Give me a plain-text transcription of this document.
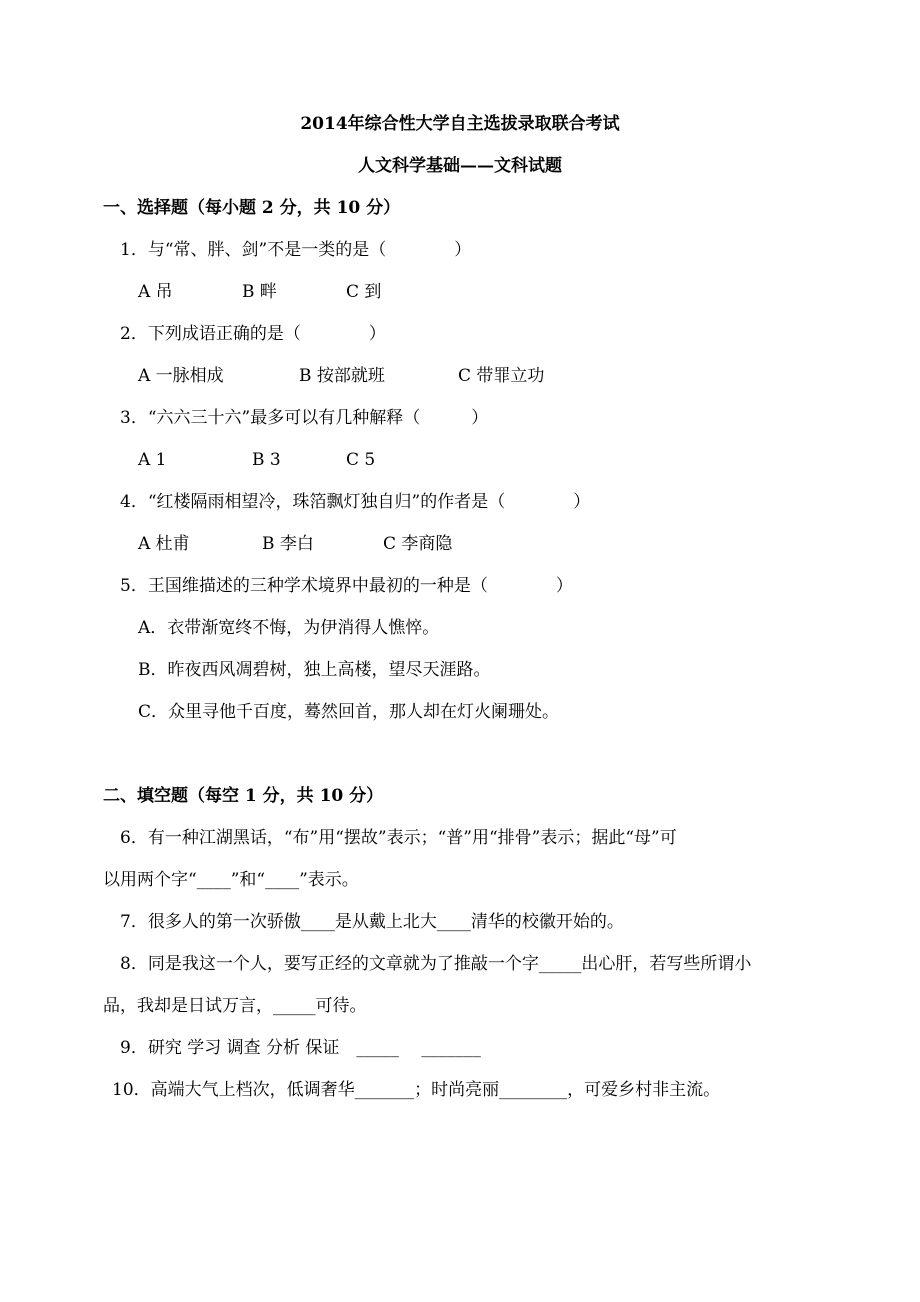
2014年综合性大学自主选拔录取联合考试
人文科学基础——文科试题
一、选择题（每小题 2 分，共 10 分）
1．与“常、胖、剑”不是一类的是（　　　　）
A 吊	B 畔	C 到
2．下列成语正确的是（　　　　）
A 一脉相成	B 按部就班	C 带罪立功
3．“六六三十六”最多可以有几种解释（　　　）
A 1	B 3	C 5
4．“红楼隔雨相望冷，珠箔飘灯独自归”的作者是（　　　　）
A 杜甫	B 李白	C 李商隐
5．王国维描述的三种学术境界中最初的一种是（　　　　）
A．衣带渐宽终不悔，为伊消得人憔悴。
B．昨夜西风凋碧树，独上高楼，望尽天涯路。
C．众里寻他千百度，蓦然回首，那人却在灯火阑珊处。
二、填空题（每空 1 分，共 10 分）
6．有一种江湖黑话，“布”用“摆故”表示；“普”用“排骨”表示；据此“母”可
以用两个字“____”和“____”表示。
7．很多人的第一次骄傲____是从戴上北大____清华的校徽开始的。
8．同是我这一个人，要写正经的文章就为了推敲一个字_____出心肝，若写些所谓小
品，我却是日试万言，_____可待。
9．研究 学习 调查 分析 保证　_____　 _______
10．高端大气上档次，低调奢华_______；时尚亮丽________，可爱乡村非主流。
